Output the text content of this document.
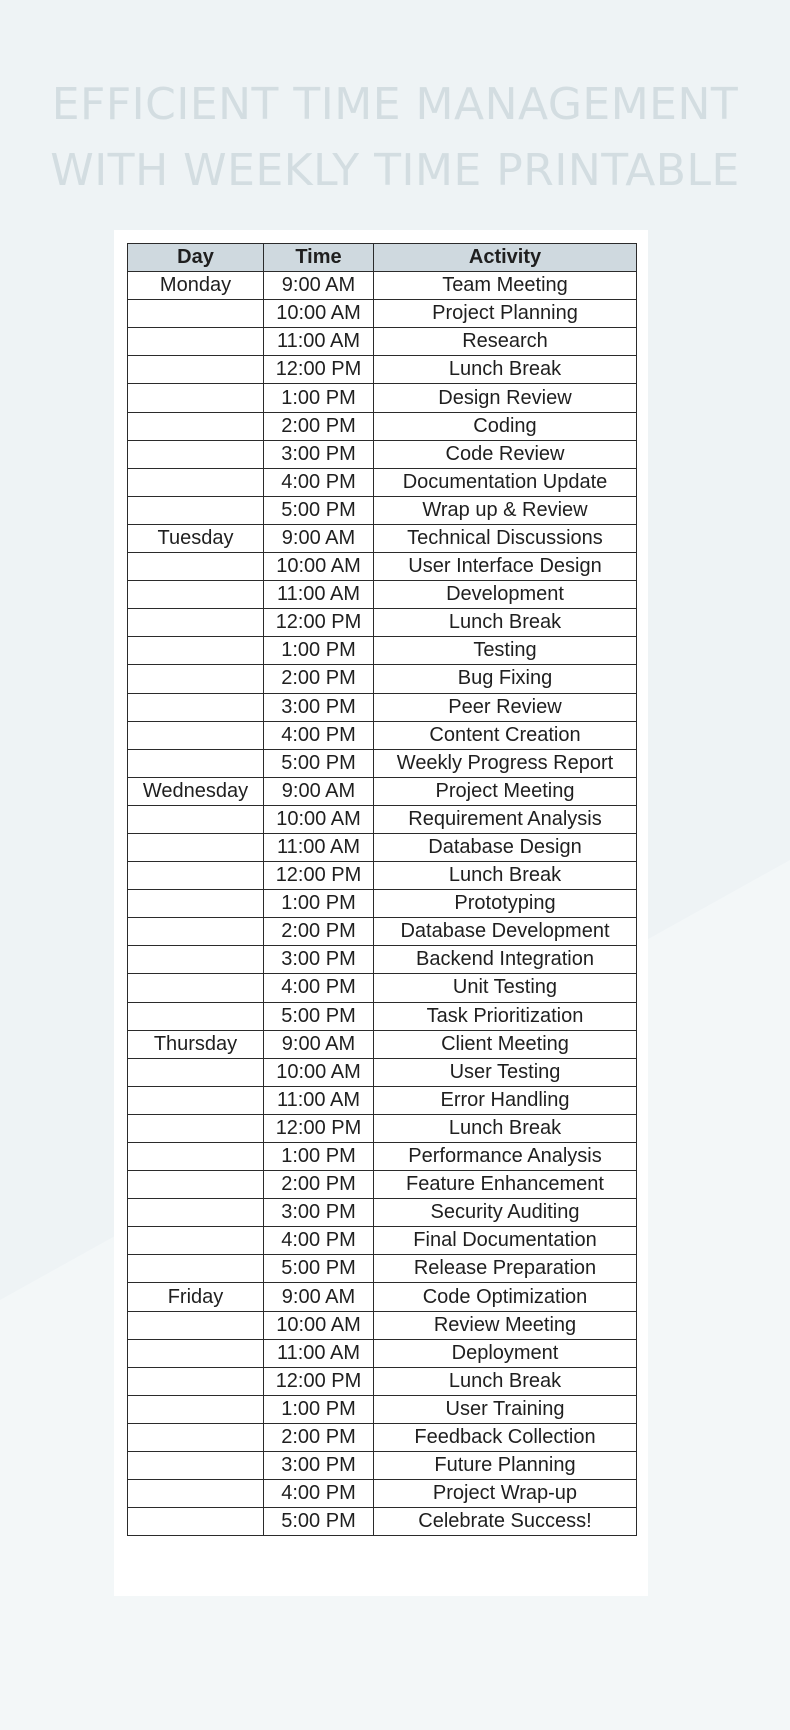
EFFICIENT TIME MANAGEMENT
WITH WEEKLY TIME PRINTABLE
Day	Time	Activity
Monday	9:00 AM	Team Meeting
	10:00 AM	Project Planning
	11:00 AM	Research
	12:00 PM	Lunch Break
	1:00 PM	Design Review
	2:00 PM	Coding
	3:00 PM	Code Review
	4:00 PM	Documentation Update
	5:00 PM	Wrap up & Review
Tuesday	9:00 AM	Technical Discussions
	10:00 AM	User Interface Design
	11:00 AM	Development
	12:00 PM	Lunch Break
	1:00 PM	Testing
	2:00 PM	Bug Fixing
	3:00 PM	Peer Review
	4:00 PM	Content Creation
	5:00 PM	Weekly Progress Report
Wednesday	9:00 AM	Project Meeting
	10:00 AM	Requirement Analysis
	11:00 AM	Database Design
	12:00 PM	Lunch Break
	1:00 PM	Prototyping
	2:00 PM	Database Development
	3:00 PM	Backend Integration
	4:00 PM	Unit Testing
	5:00 PM	Task Prioritization
Thursday	9:00 AM	Client Meeting
	10:00 AM	User Testing
	11:00 AM	Error Handling
	12:00 PM	Lunch Break
	1:00 PM	Performance Analysis
	2:00 PM	Feature Enhancement
	3:00 PM	Security Auditing
	4:00 PM	Final Documentation
	5:00 PM	Release Preparation
Friday	9:00 AM	Code Optimization
	10:00 AM	Review Meeting
	11:00 AM	Deployment
	12:00 PM	Lunch Break
	1:00 PM	User Training
	2:00 PM	Feedback Collection
	3:00 PM	Future Planning
	4:00 PM	Project Wrap-up
	5:00 PM	Celebrate Success!
